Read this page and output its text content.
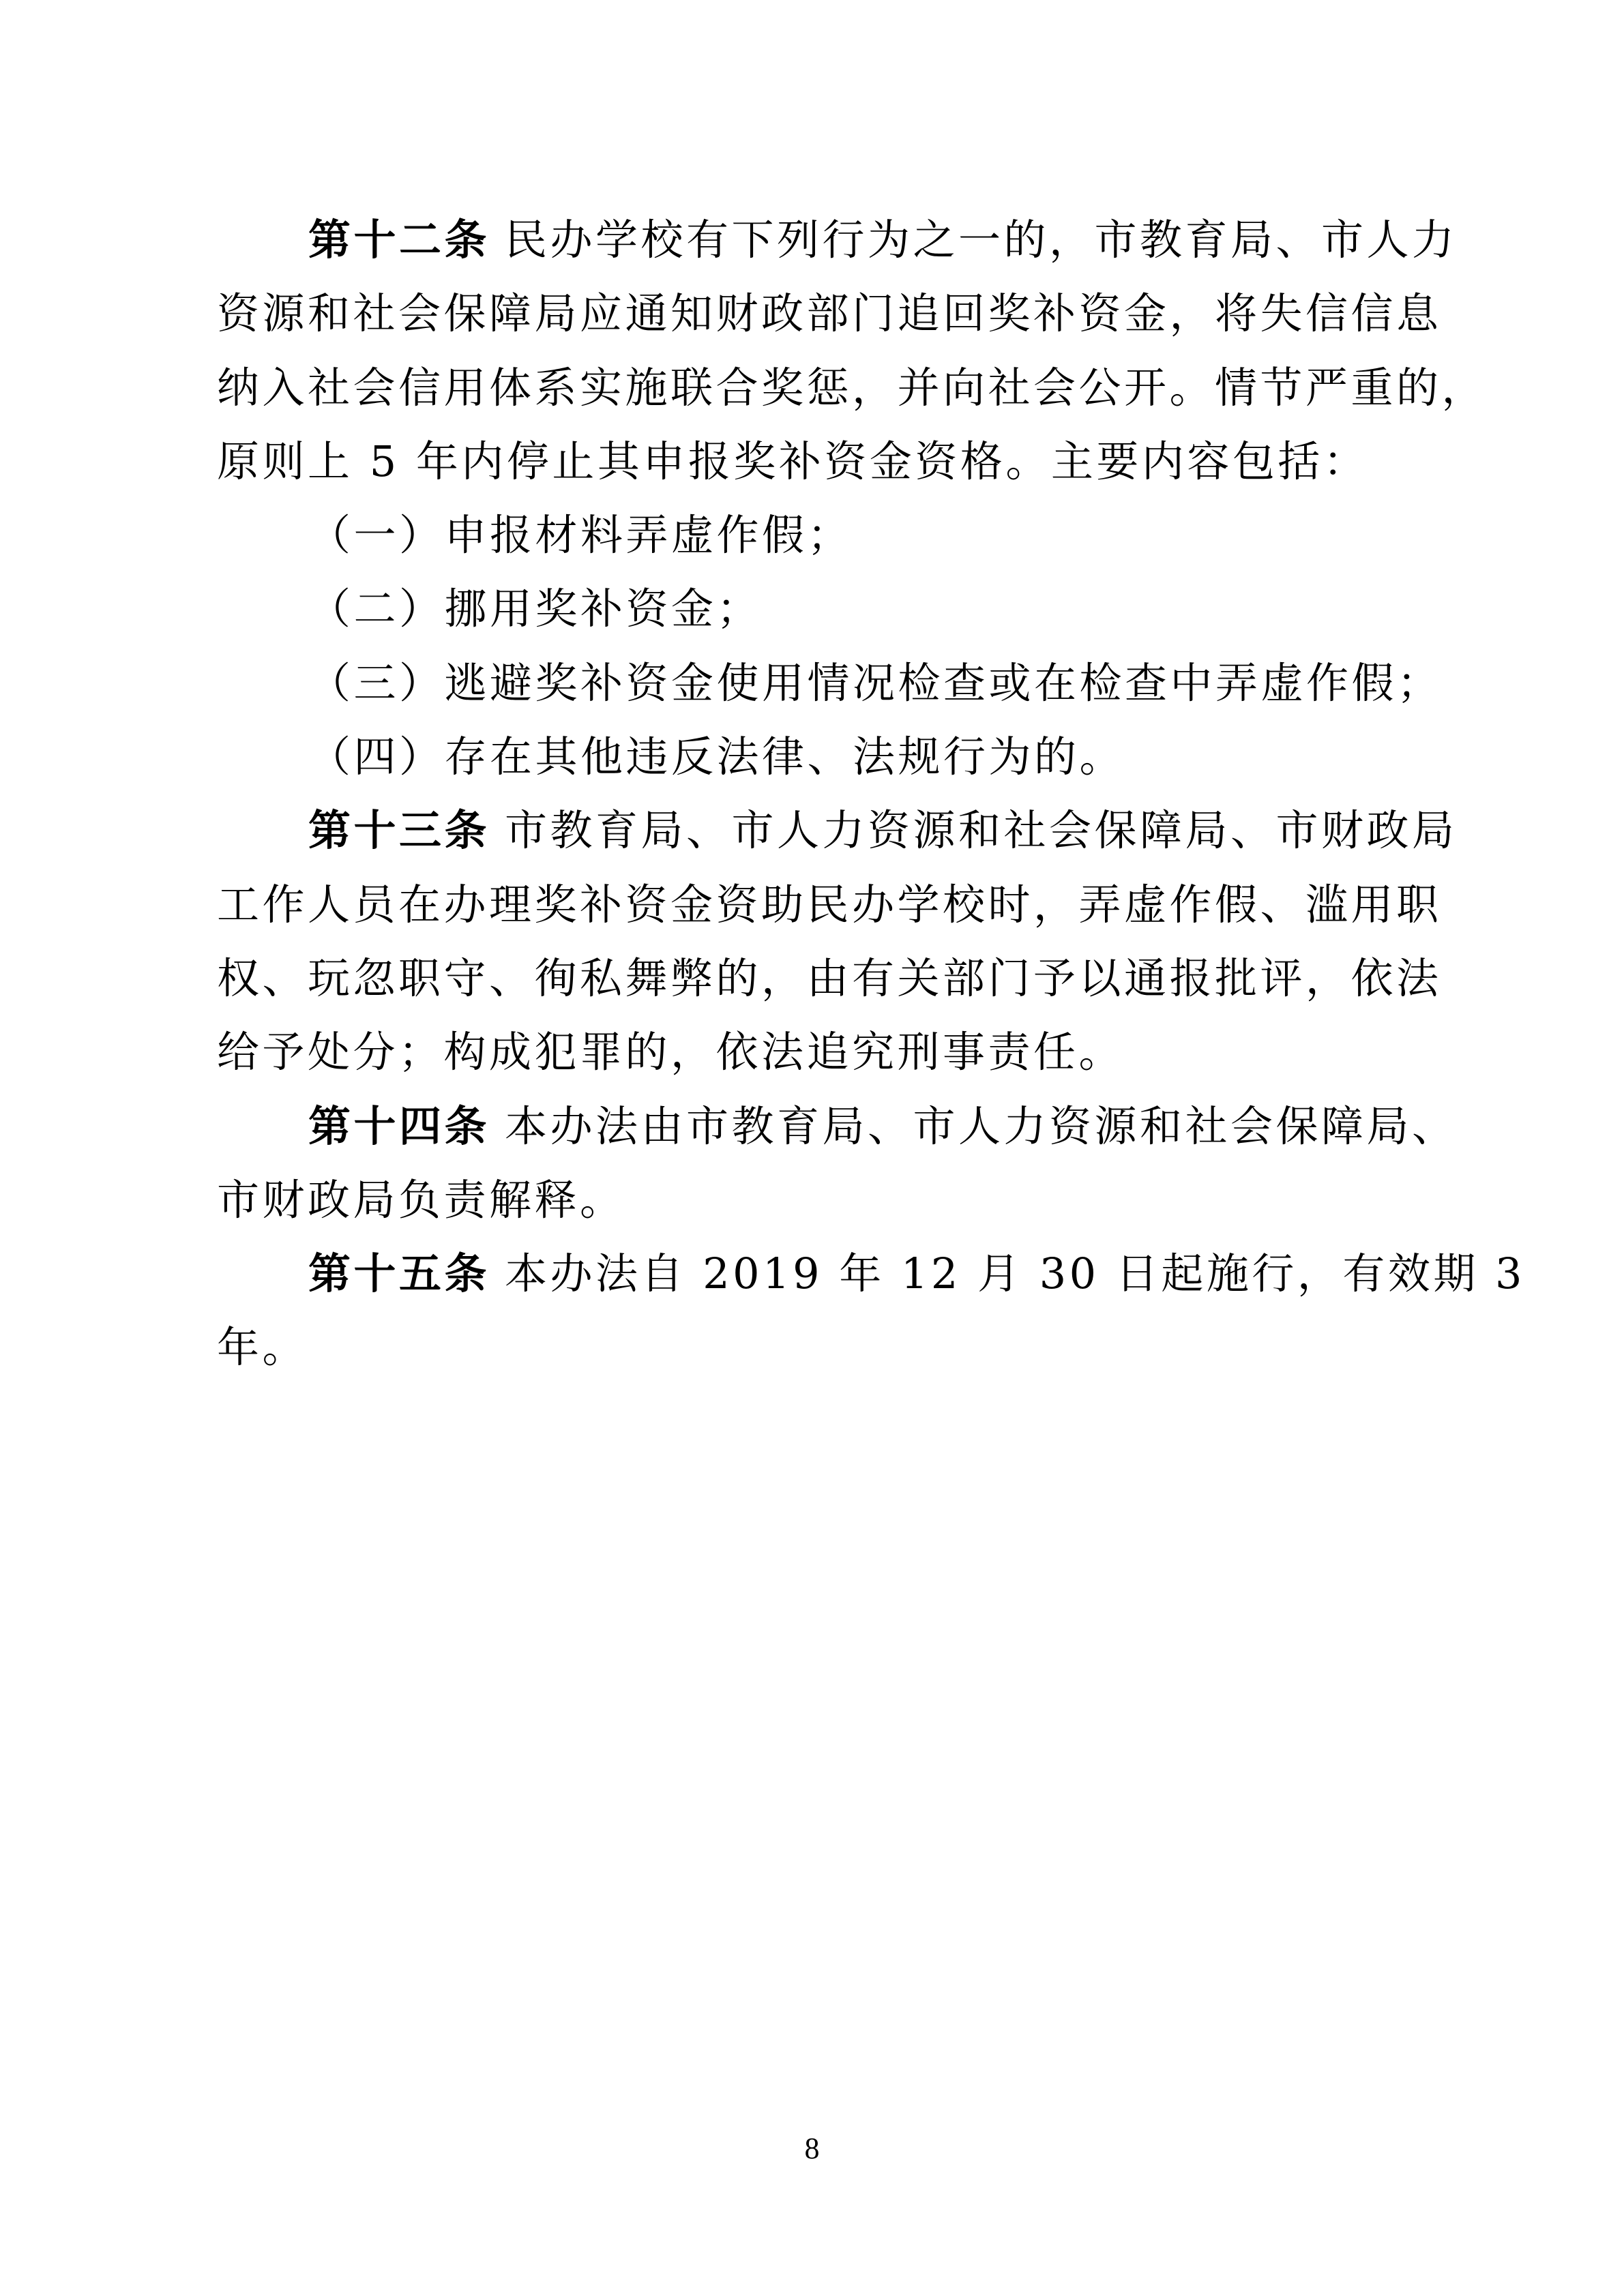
第十二条 民办学校有下列行为之一的，市教育局、市人力
资源和社会保障局应通知财政部门追回奖补资金，将失信信息
纳入社会信用体系实施联合奖惩，并向社会公开。情节严重的，
原则上 5 年内停止其申报奖补资金资格。主要内容包括：
（一）申报材料弄虚作假；
（二）挪用奖补资金；
（三）逃避奖补资金使用情况检查或在检查中弄虚作假；
（四）存在其他违反法律、法规行为的。
第十三条 市教育局、市人力资源和社会保障局、市财政局
工作人员在办理奖补资金资助民办学校时，弄虚作假、滥用职
权、玩忽职守、徇私舞弊的，由有关部门予以通报批评，依法
给予处分；构成犯罪的，依法追究刑事责任。
第十四条 本办法由市教育局、市人力资源和社会保障局、
市财政局负责解释。
第十五条 本办法自 2019 年 12 月 30 日起施行，有效期 3
年。
8
